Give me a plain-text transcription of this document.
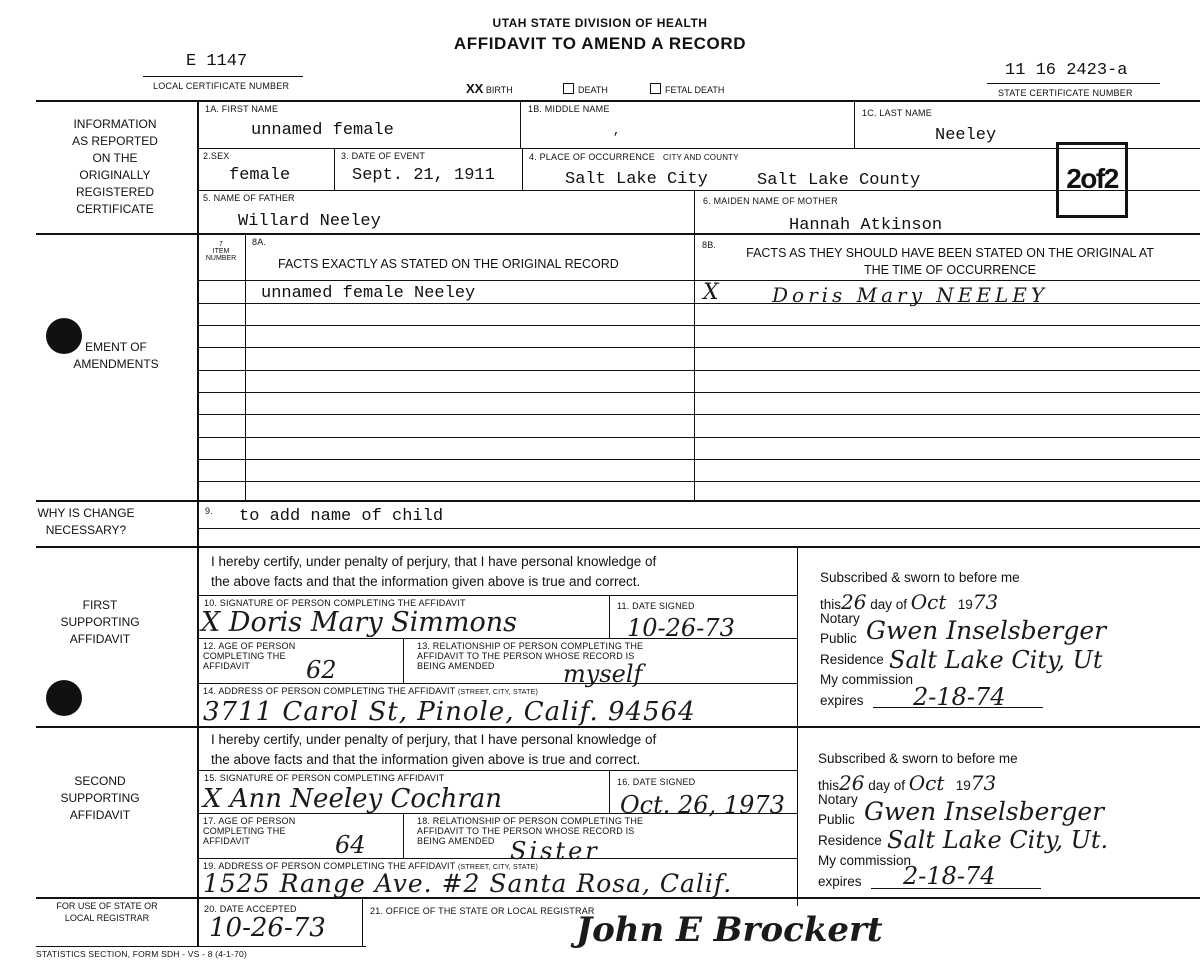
UTAH STATE DIVISION OF HEALTH
AFFIDAVIT TO AMEND A RECORD
E 1147
LOCAL CERTIFICATE NUMBER	XX BIRTH	DEATH	FETAL DEATH
11 16 2423-a
STATE CERTIFICATE NUMBER
INFORMATION
AS REPORTED
ON THE
ORIGINALLY
REGISTERED
CERTIFICATE
EMENT OF AMENDMENTS
WHY IS CHANGE NECESSARY?
FIRST SUPPORTING AFFIDAVIT
SECOND SUPPORTING AFFIDAVIT
FOR USE OF STATE OR LOCAL REGISTRAR
1A. FIRST NAME
unnamed female
1B. MIDDLE NAME
,
1C. LAST NAME
Neeley
2.SEX
female
3. DATE OF EVENT
Sept. 21, 1911
4. PLACE OF OCCURRENCE CITY AND COUNTY
Salt Lake City	Salt Lake County
5. NAME OF FATHER
Willard Neeley
6. MAIDEN NAME OF MOTHER
Hannah Atkinson
2of2
7
ITEM
NUMBER
8A.
FACTS EXACTLY AS STATED ON THE ORIGINAL RECORD
8B.
FACTS AS THEY SHOULD HAVE BEEN STATED ON THE ORIGINAL AT THE TIME OF OCCURRENCE
unnamed female Neeley	X	Doris Mary NEELEY
9. to add name of child
I hereby certify, under penalty of perjury, that I have personal knowledge of
the above facts and that the information given above is true and correct.
10. SIGNATURE OF PERSON COMPLETING THE AFFIDAVIT
X Doris Mary Simmons
11. DATE SIGNED
10-26-73
12. AGE OF PERSON COMPLETING THE AFFIDAVIT	62
13. RELATIONSHIP OF PERSON COMPLETING THE AFFIDAVIT TO THE PERSON WHOSE RECORD IS BEING AMENDED	myself
14. ADDRESS OF PERSON COMPLETING THE AFFIDAVIT (STREET, CITY, STATE)
3711 Carol St, Pinole, Calif. 94564
Subscribed & sworn to before me
this26 day of Oct 1973
Notary
Public Gwen Inselsberger
Residence Salt Lake City, Ut
My commission
expires 2-18-74
I hereby certify, under penalty of perjury, that I have personal knowledge of
the above facts and that the information given above is true and correct.
15. SIGNATURE OF PERSON COMPLETING AFFIDAVIT
X Ann Neeley Cochran
16. DATE SIGNED
Oct. 26, 1973
17. AGE OF PERSON COMPLETING THE AFFIDAVIT	64
18. RELATIONSHIP OF PERSON COMPLETING THE AFFIDAVIT TO THE PERSON WHOSE RECORD IS BEING AMENDED Sister
19. ADDRESS OF PERSON COMPLETING THE AFFIDAVIT (STREET, CITY, STATE)
1525 Range Ave. #2 Santa Rosa, Calif.
Subscribed & sworn to before me
this26 day of Oct 1973
Notary
Public Gwen Inselsberger
Residence Salt Lake City, Ut.
My commission
expires 2-18-74
20. DATE ACCEPTED
10-26-73
21. OFFICE OF THE STATE OR LOCAL REGISTRAR
John E Brockert
STATISTICS SECTION, FORM SDH - VS - 8 (4-1-70)
